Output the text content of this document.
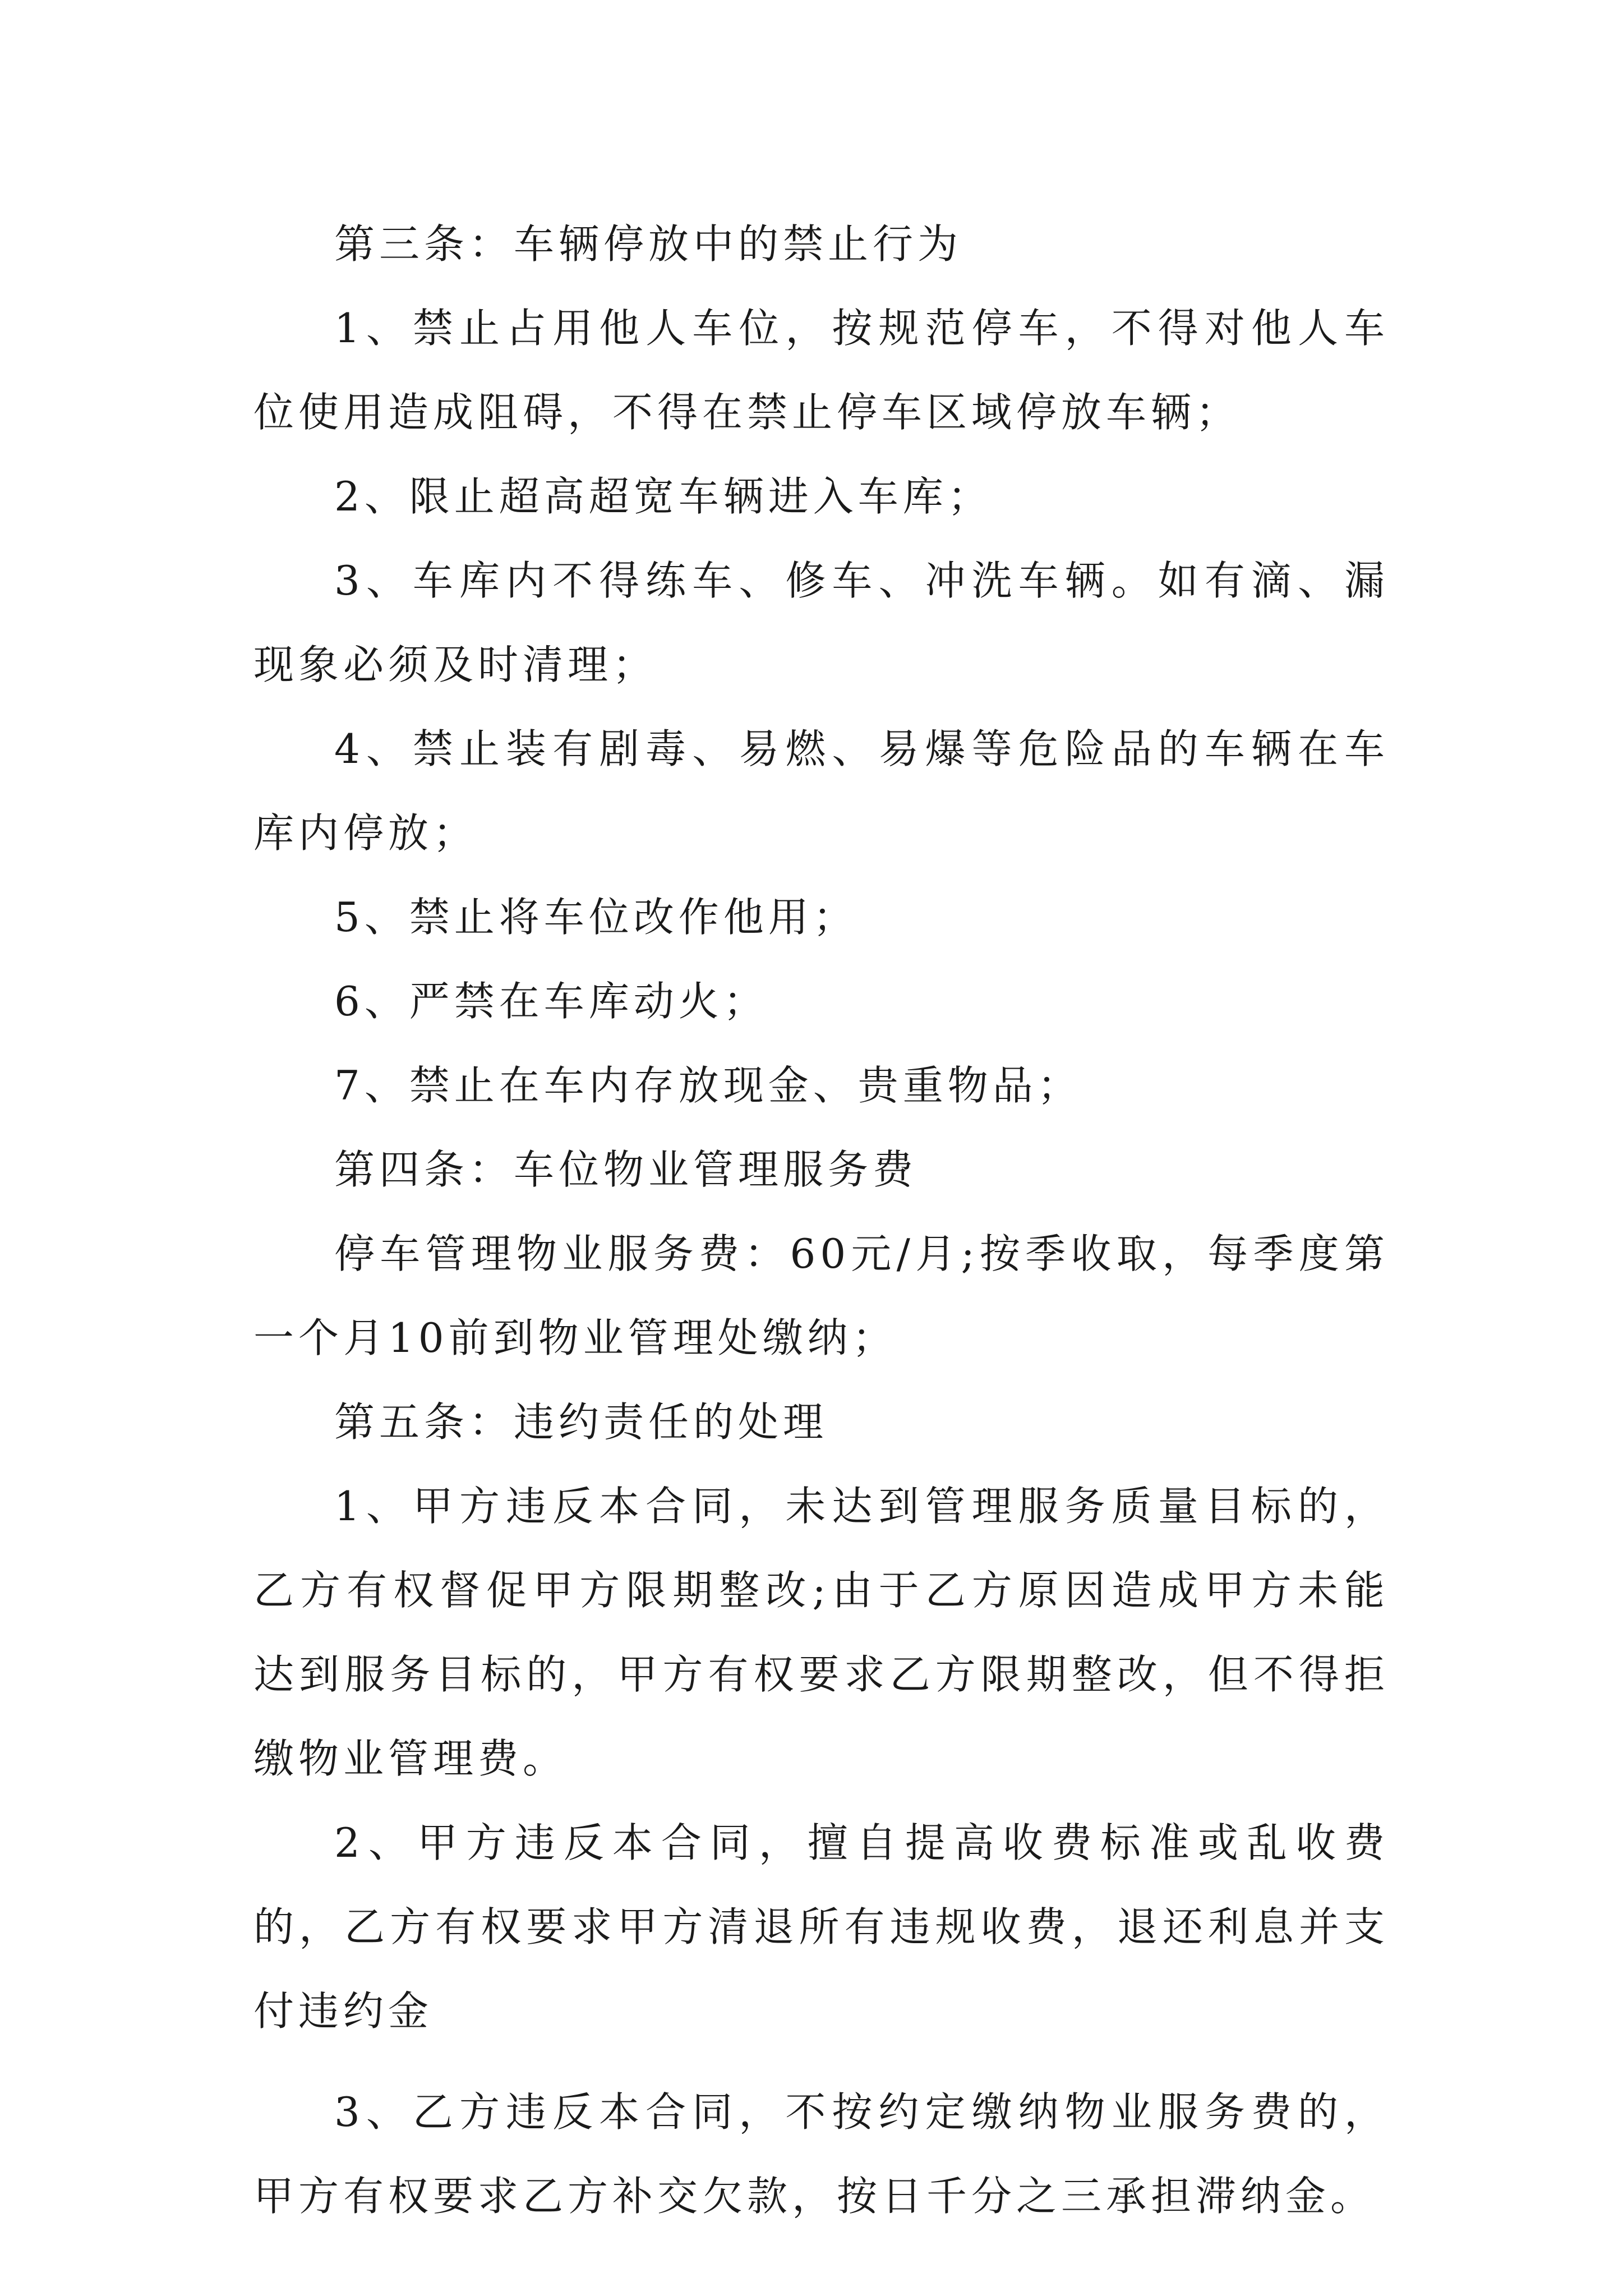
第三条：车辆停放中的禁止行为

1、禁止占用他人车位，按规范停车，不得对他人车位使用造成阻碍，不得在禁止停车区域停放车辆；

2、限止超高超宽车辆进入车库；

3、车库内不得练车、修车、冲洗车辆。如有滴、漏现象必须及时清理；

4、禁止装有剧毒、易燃、易爆等危险品的车辆在车库内停放；

5、禁止将车位改作他用；

6、严禁在车库动火；

7、禁止在车内存放现金、贵重物品；

第四条：车位物业管理服务费

停车管理物业服务费：60元/月;按季收取，每季度第一个月10前到物业管理处缴纳；

第五条：违约责任的处理

1、甲方违反本合同，未达到管理服务质量目标的，乙方有权督促甲方限期整改;由于乙方原因造成甲方未能达到服务目标的，甲方有权要求乙方限期整改，但不得拒缴物业管理费。

2、甲方违反本合同，擅自提高收费标准或乱收费的，乙方有权要求甲方清退所有违规收费，退还利息并支付违约金

3、乙方违反本合同，不按约定缴纳物业服务费的，甲方有权要求乙方补交欠款，按日千分之三承担滞纳金。
